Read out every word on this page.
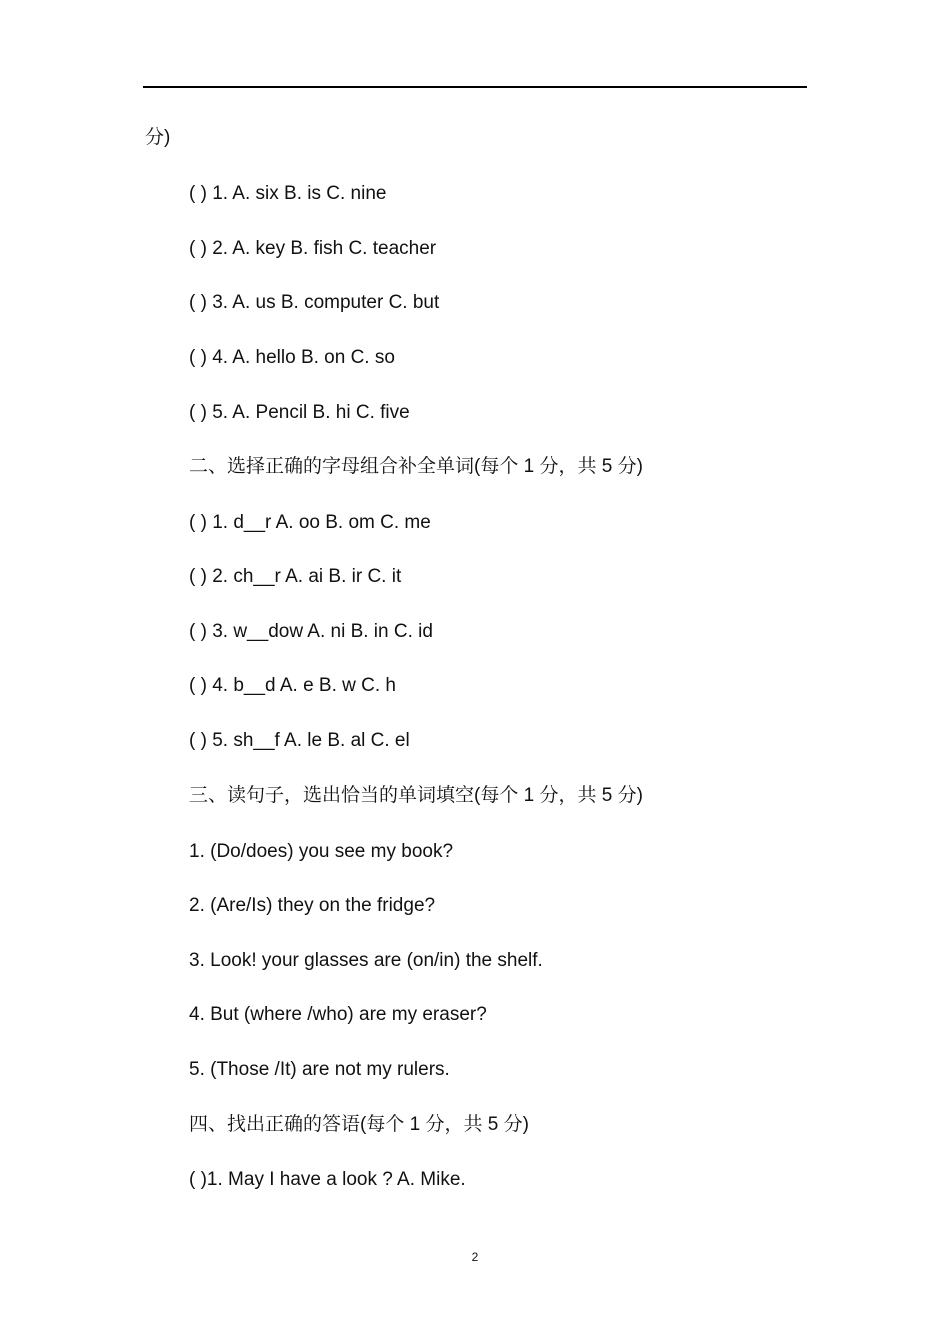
分)
( ) 1. A. six B. is C. nine
( ) 2. A. key B. fish C. teacher
( ) 3. A. us B. computer C. but
( ) 4. A. hello B. on C. so
( ) 5. A. Pencil B. hi C. five
二、选择正确的字母组合补全单词(每个 1 分，共 5 分)
( ) 1. d__r A. oo B. om C. me
( ) 2. ch__r A. ai B. ir C. it
( ) 3. w__dow A. ni B. in C. id
( ) 4. b__d A. e B. w C. h
( ) 5. sh__f A. le B. al C. el
三、读句子，选出恰当的单词填空(每个 1 分，共 5 分)
1. (Do/does) you see my book?
2. (Are/Is) they on the fridge?
3. Look! your glasses are (on/in) the shelf.
4. But (where /who) are my eraser?
5. (Those /It) are not my rulers.
四、找出正确的答语(每个 1 分，共 5 分)
( )1. May I have a look ? A. Mike.
2
